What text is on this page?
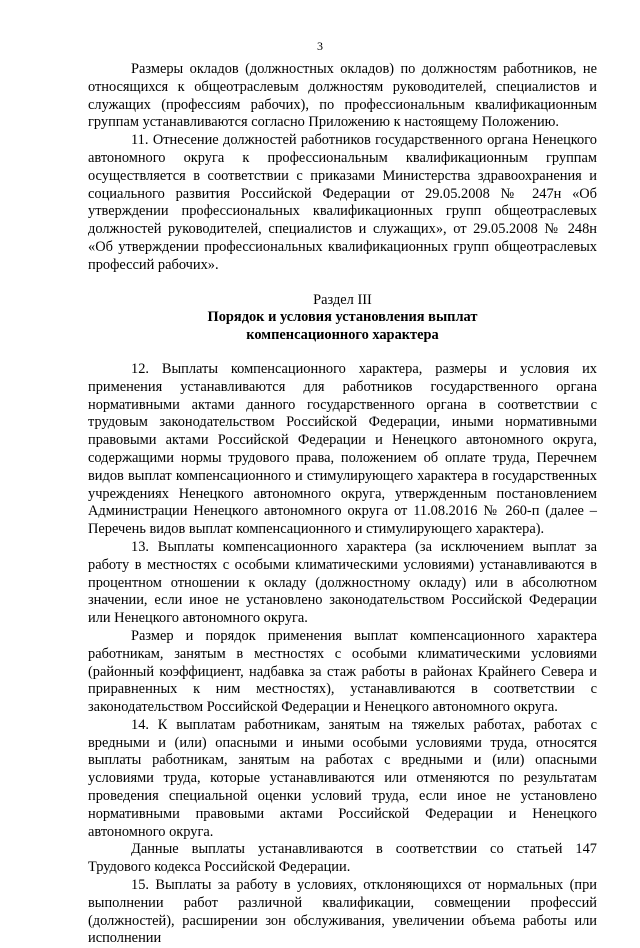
3

Размеры окладов (должностных окладов) по должностям работников, не относящихся к общеотраслевым должностям руководителей, специалистов и служащих (профессиям рабочих), по профессиональным квалификационным группам устанавливаются согласно Приложению к настоящему Положению.

11. Отнесение должностей работников государственного органа Ненецкого автономного округа к профессиональным квалификационным группам осуществляется в соответствии с приказами Министерства здравоохранения и социального развития Российской Федерации от 29.05.2008 № 247н «Об утверждении профессиональных квалификационных групп общеотраслевых должностей руководителей, специалистов и служащих», от 29.05.2008 № 248н «Об утверждении профессиональных квалификационных групп общеотраслевых профессий рабочих».

Раздел III

Порядок и условия установления выплат

компенсационного характера

12. Выплаты компенсационного характера, размеры и условия их применения устанавливаются для работников государственного органа нормативными актами данного государственного органа в соответствии с трудовым законодательством Российской Федерации, иными нормативными правовыми актами Российской Федерации и Ненецкого автономного округа, содержащими нормы трудового права, положением об оплате труда, Перечнем видов выплат компенсационного и стимулирующего характера в государственных учреждениях Ненецкого автономного округа, утвержденным постановлением Администрации Ненецкого автономного округа от 11.08.2016 № 260-п (далее – Перечень видов выплат компенсационного и стимулирующего характера).

13. Выплаты компенсационного характера (за исключением выплат за работу в местностях с особыми климатическими условиями) устанавливаются в процентном отношении к окладу (должностному окладу) или в абсолютном значении, если иное не установлено законодательством Российской Федерации или Ненецкого автономного округа.

Размер и порядок применения выплат компенсационного характера работникам, занятым в местностях с особыми климатическими условиями (районный коэффициент, надбавка за стаж работы в районах Крайнего Севера и приравненных к ним местностях), устанавливаются в соответствии с законодательством Российской Федерации и Ненецкого автономного округа.

14. К выплатам работникам, занятым на тяжелых работах, работах с вредными и (или) опасными и иными особыми условиями труда, относятся выплаты работникам, занятым на работах с вредными и (или) опасными условиями труда, которые устанавливаются или отменяются по результатам проведения специальной оценки условий труда, если иное не установлено нормативными правовыми актами Российской Федерации и Ненецкого автономного округа.

Данные выплаты устанавливаются в соответствии со статьей 147 Трудового кодекса Российской Федерации.

15. Выплаты за работу в условиях, отклоняющихся от нормальных (при выполнении работ различной квалификации, совмещении профессий (должностей), расширении зон обслуживания, увеличении объема работы или исполнении
